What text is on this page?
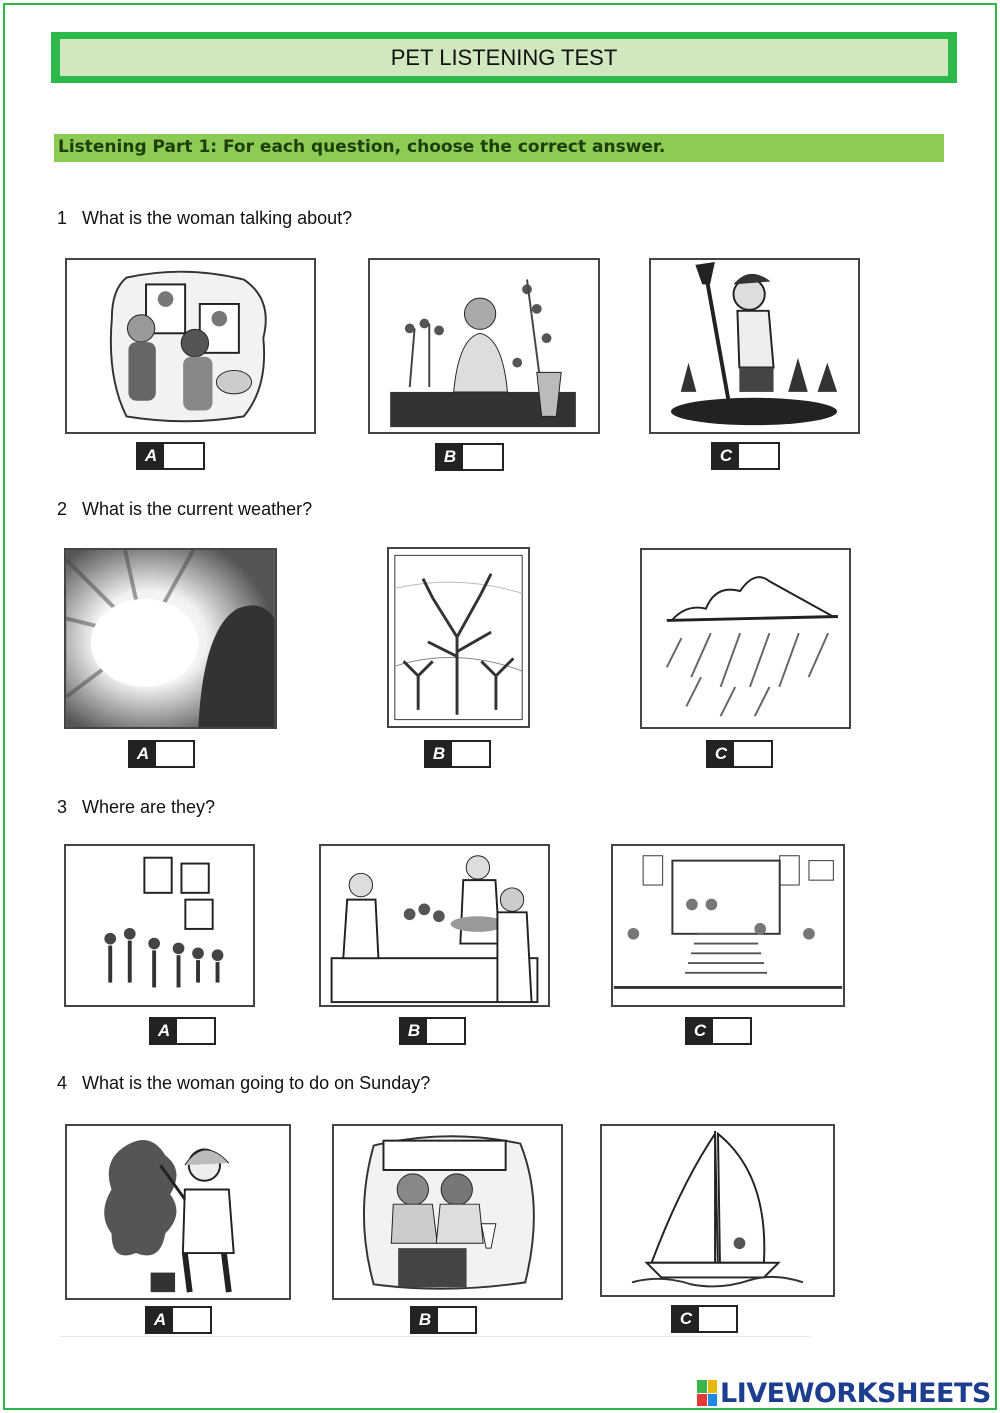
PET LISTENING TEST
Listening Part 1: For each question, choose the correct answer.
1 What is the woman talking about?
A	B	C
2 What is the current weather?
A	B	C
3 Where are they?
A	B	C
4 What is the woman going to do on Sunday?
A	B	C
LIVEWORKSHEETS
